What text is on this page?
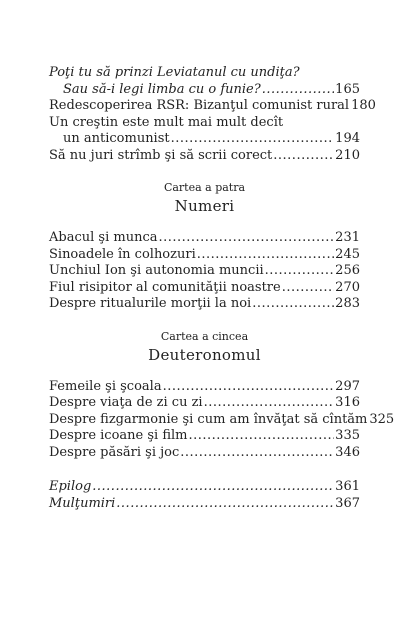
Poţi tu să prinzi Leviatanul cu undiţa?
Sau să-i legi limba cu o funie? .....	165
Redescoperirea RSR: Bizanţul comunist rural 180
Un creştin este mult mai mult decît
un anticomunist .....	194
Să nu juri strîmb şi să scrii corect .....	210
Cartea a patra
Numeri
Abacul şi munca .....	231
Sinoadele în colhozuri .....	245
Unchiul Ion şi autonomia muncii .....	256
Fiul risipitor al comunităţii noastre .....	270
Despre ritualurile morţii la noi .....	283
Cartea a cincea
Deuteronomul
Femeile şi şcoala .....	297
Despre viaţa de zi cu zi .....	316
Despre fizgarmonie şi cum am învăţat să cîntăm 325
Despre icoane şi film .....	335
Despre păsări şi joc .....	346
Epilog .....	361
Mulţumiri .....	367
